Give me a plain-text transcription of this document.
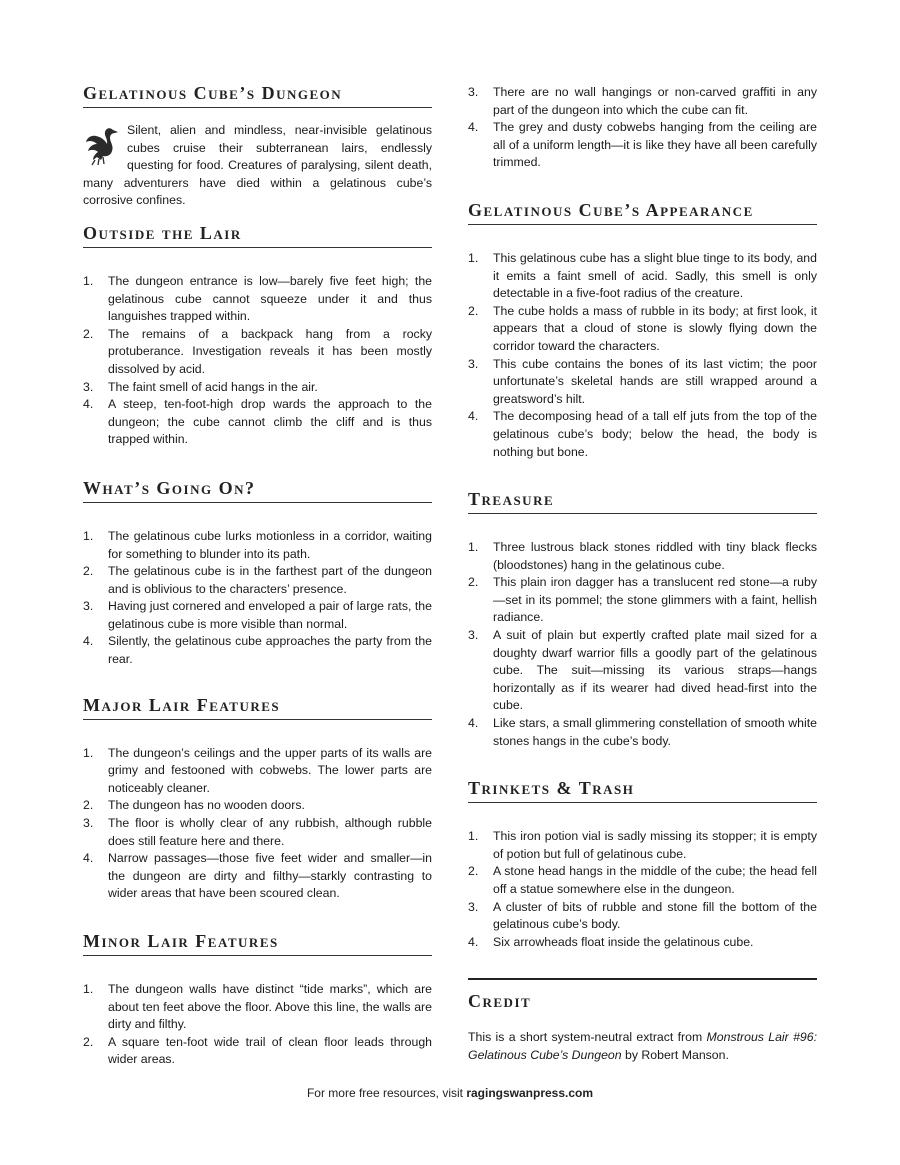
Gelatinous Cube’s Dungeon
Silent, alien and mindless, near-invisible gelatinous cubes cruise their subterranean lairs, endlessly questing for food. Creatures of paralysing, silent death, many adventurers have died within a gelatinous cube’s corrosive confines.
Outside the Lair
1.	The dungeon entrance is low—barely five feet high; the gelatinous cube cannot squeeze under it and thus languishes trapped within.
2.	The remains of a backpack hang from a rocky protuberance. Investigation reveals it has been mostly dissolved by acid.
3.	The faint smell of acid hangs in the air.
4.	A steep, ten-foot-high drop wards the approach to the dungeon; the cube cannot climb the cliff and is thus trapped within.
What’s Going On?
1.	The gelatinous cube lurks motionless in a corridor, waiting for something to blunder into its path.
2.	The gelatinous cube is in the farthest part of the dungeon and is oblivious to the characters’ presence.
3.	Having just cornered and enveloped a pair of large rats, the gelatinous cube is more visible than normal.
4.	Silently, the gelatinous cube approaches the party from the rear.
Major Lair Features
1.	The dungeon’s ceilings and the upper parts of its walls are grimy and festooned with cobwebs. The lower parts are noticeably cleaner.
2.	The dungeon has no wooden doors.
3.	The floor is wholly clear of any rubbish, although rubble does still feature here and there.
4.	Narrow passages—those five feet wider and smaller—in the dungeon are dirty and filthy—starkly contrasting to wider areas that have been scoured clean.
Minor Lair Features
1.	The dungeon walls have distinct “tide marks”, which are about ten feet above the floor. Above this line, the walls are dirty and filthy.
2.	A square ten-foot wide trail of clean floor leads through wider areas.
3.	There are no wall hangings or non-carved graffiti in any part of the dungeon into which the cube can fit.
4.	The grey and dusty cobwebs hanging from the ceiling are all of a uniform length—it is like they have all been carefully trimmed.
Gelatinous Cube’s Appearance
1.	This gelatinous cube has a slight blue tinge to its body, and it emits a faint smell of acid. Sadly, this smell is only detectable in a five-foot radius of the creature.
2.	The cube holds a mass of rubble in its body; at first look, it appears that a cloud of stone is slowly flying down the corridor toward the characters.
3.	This cube contains the bones of its last victim; the poor unfortunate’s skeletal hands are still wrapped around a greatsword’s hilt.
4.	The decomposing head of a tall elf juts from the top of the gelatinous cube’s body; below the head, the body is nothing but bone.
Treasure
1.	Three lustrous black stones riddled with tiny black flecks (bloodstones) hang in the gelatinous cube.
2.	This plain iron dagger has a translucent red stone—a ruby—set in its pommel; the stone glimmers with a faint, hellish radiance.
3.	A suit of plain but expertly crafted plate mail sized for a doughty dwarf warrior fills a goodly part of the gelatinous cube. The suit—missing its various straps—hangs horizontally as if its wearer had dived head-first into the cube.
4.	Like stars, a small glimmering constellation of smooth white stones hangs in the cube’s body.
Trinkets & Trash
1.	This iron potion vial is sadly missing its stopper; it is empty of potion but full of gelatinous cube.
2.	A stone head hangs in the middle of the cube; the head fell off a statue somewhere else in the dungeon.
3.	A cluster of bits of rubble and stone fill the bottom of the gelatinous cube’s body.
4.	Six arrowheads float inside the gelatinous cube.
Credit

This is a short system-neutral extract from Monstrous Lair #96: Gelatinous Cube’s Dungeon by Robert Manson.

For more free resources, visit ragingswanpress.com
